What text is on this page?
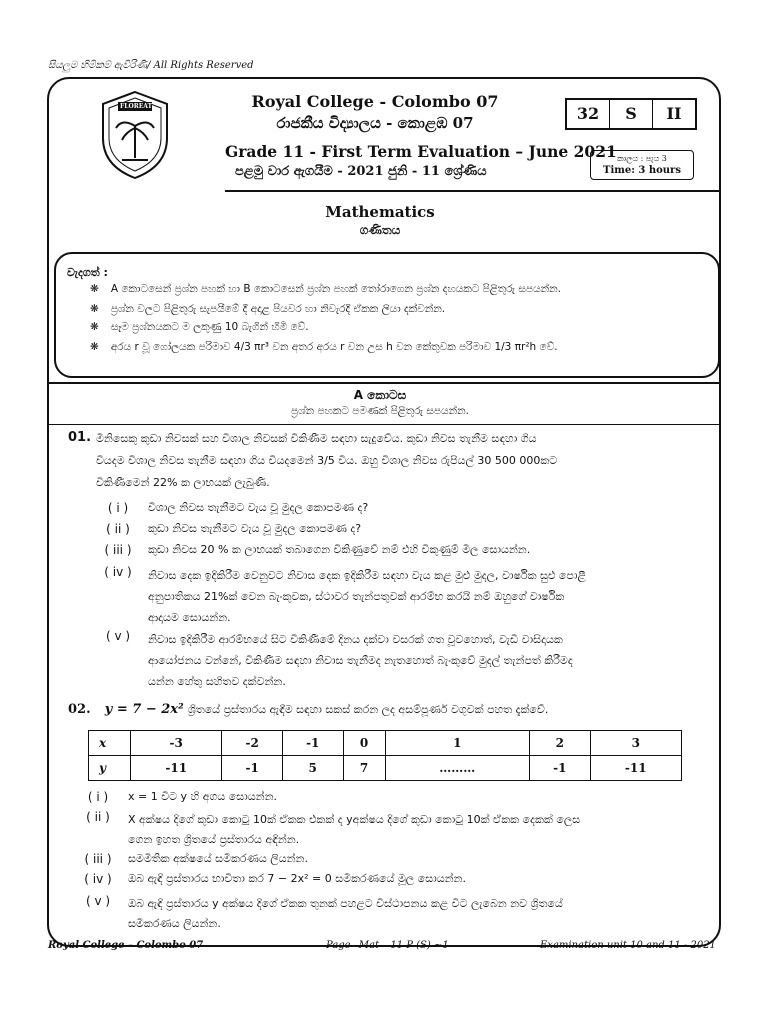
සියලුම හිමිකම් ඇවිරිණි/ All Rights Reserved
FLOREAT	Royal College - Colombo 07
රාජකීය විද්‍යාලය - කොළඹ 07	32	S	II
Grade 11 - First Term Evaluation – June 2021
පළමු වාර ඇගයීම - 2021 ජුනි - 11 ශ්‍රේණිය
කාලය : පැය 3
Time: 3 hours
Mathematics
ගණිතය
වැදගත් :
❋ A කොටසෙන් ප්‍රශ්න පහක් හා B කොටසෙන් ප්‍රශ්න පහක් තෝරාගෙන ප්‍රශ්න දහයකට පිළිතුරු සපයන්න.
❋ ප්‍රශ්න වලට පිළිතුරු සැපයීමේ දී අදාළ පියවර හා නිවැරදි ඒකක ලියා දක්වන්න.
❋ සෑම ප්‍රශ්නයකට ම ලකුණු 10 බැගින් හිමි වේ.
❋ අරය r වූ ගෝලයක පරිමාව 4/3 πr³ වන අතර අරය r වන උස h වන කේතුවක පරිමාව 1/3 πr²h වේ.
A කොටස
ප්‍රශ්න පහකට පමණක් පිළිතුරු සපයන්න.
01. මිනිසෙකු කුඩා නිවසක් සහ විශාල නිවසක් විකිණීම සඳහා සැදුවේය. කුඩා නිවස තැනීම සඳහා ගිය
වියදම විශාල නිවස තැනීම සඳහා ගිය වියදමෙන් 3/5 වීය. ඔහු විශාල නිවස රුපියල් 30 500 000කට
විකිණීමෙන් 22% ක ලාභයක් ලැබුණි.
( i )	විශාල නිවස තැනීමට වැය වූ මුදල කොපමණ ද?
( ii )	කුඩා නිවස තැනීමට වැය වූ මුදල කොපමණ ද?
( iii )	කුඩා නිවස 20 % ක ලාභයක් තබාගෙන විකිණුවේ නම් එහි විකුණුම් මිල සොයන්න.
( iv )	නිවාස දෙක ඉදිකිරීම වෙනුවට නිවාස දෙක ඉදිකිරීම සඳහා වැය කළ මුළු මුදල, වාර්ෂික සුළු පොළී
අනුපාතිකය 21%ක් වෙන බැංකුවක, ස්ථාවර තැන්පතුවක් ආරම්භ කරයි නම් ඔහුගේ වාර්ෂික
ආදායම සොයන්න.
( v )	නිවාස ඉදිකිරීම ආරම්භයේ සිට විකිණීමේ දිනය දක්වා වසරක් ගත වූවහොත්, වැඩි වාසිදායක
ආයෝජනය වන්නේ, විකිණීම සඳහා නිවාස තැනීමද නැතහොත් බැංකුවේ මුදල් තැන්පත් කිරීමද
යන්න හේතු සහිතව දක්වන්න.
02. y = 7 − 2x² ශ්‍රිතයේ ප්‍රස්තාරය ඇඳීම සඳහා සකස් කරන ලද අසම්පූර්ණ වගුවක් පහත දැක්වේ.
x	-3	-2	-1	0	1	2	3
y	-11	-1	5	7	………	-1	-11
( i )	x = 1 විට y හි අගය සොයන්න.
( ii )	X අක්ෂය දිගේ කුඩා කොටු 10ක් ඒකක එකක් ද yඅක්ෂය දිගේ කුඩා කොටු 10ක් ඒකක දෙකක් ලෙස
ගෙන ඉහත ශ්‍රිතයේ ප්‍රස්තාරය අඳින්න.
( iii )	සමමිතික අක්ෂයේ සමීකරණය ලියන්න.
( iv )	ඔබ ඇඳි ප්‍රස්තාරය භාවිතා කර 7 − 2x² = 0 සමීකරණයේ මූල සොයන්න.
( v )	ඔබ ඇඳි ප්‍රස්තාරය y අක්ෂය දිගේ ඒකක තුනක් පහළට විස්ථාපනය කළ විට ලැබෙන නව ශ්‍රිතයේ
සමීකරණය ලියන්න.
Royal College – Colombo 07	Page– Mat – 11 P (S) ~1	Examination unit 10 and 11 - 2021
